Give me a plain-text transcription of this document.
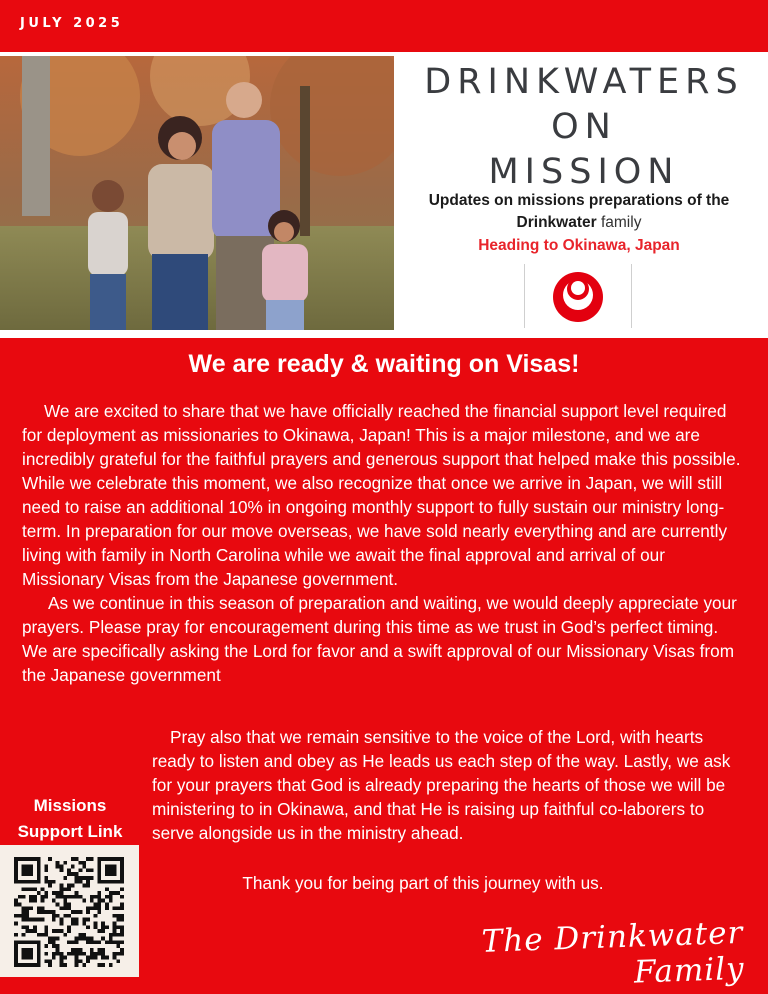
JULY 2025
DRINKWATERS
ON
MISSION
Updates on missions preparations of the Drinkwater family
Heading to Okinawa, Japan
We are ready & waiting on Visas!

We are excited to share that we have officially reached the financial support level required for deployment as missionaries to Okinawa, Japan! This is a major milestone, and we are incredibly grateful for the faithful prayers and generous support that helped make this possible. While we celebrate this moment, we also recognize that once we arrive in Japan, we will still need to raise an additional 10% in ongoing monthly support to fully sustain our ministry long-term. In preparation for our move overseas, we have sold nearly everything and are currently living with family in North Carolina while we await the final approval and arrival of our Missionary Visas from the Japanese government.

As we continue in this season of preparation and waiting, we would deeply appreciate your prayers. Please pray for encouragement during this time as we trust in God’s perfect timing. We are specifically asking the Lord for favor and a swift approval of our Missionary Visas from the Japanese government

Pray also that we remain sensitive to the voice of the Lord, with hearts ready to listen and obey as He leads us each step of the way. Lastly, we ask for your prayers that God is already preparing the hearts of those we will be ministering to in Okinawa, and that He is raising up faithful co-laborers to serve alongside us in the ministry ahead.

Thank you for being part of this journey with us.
Missions
Support Link
The Drinkwater Family
